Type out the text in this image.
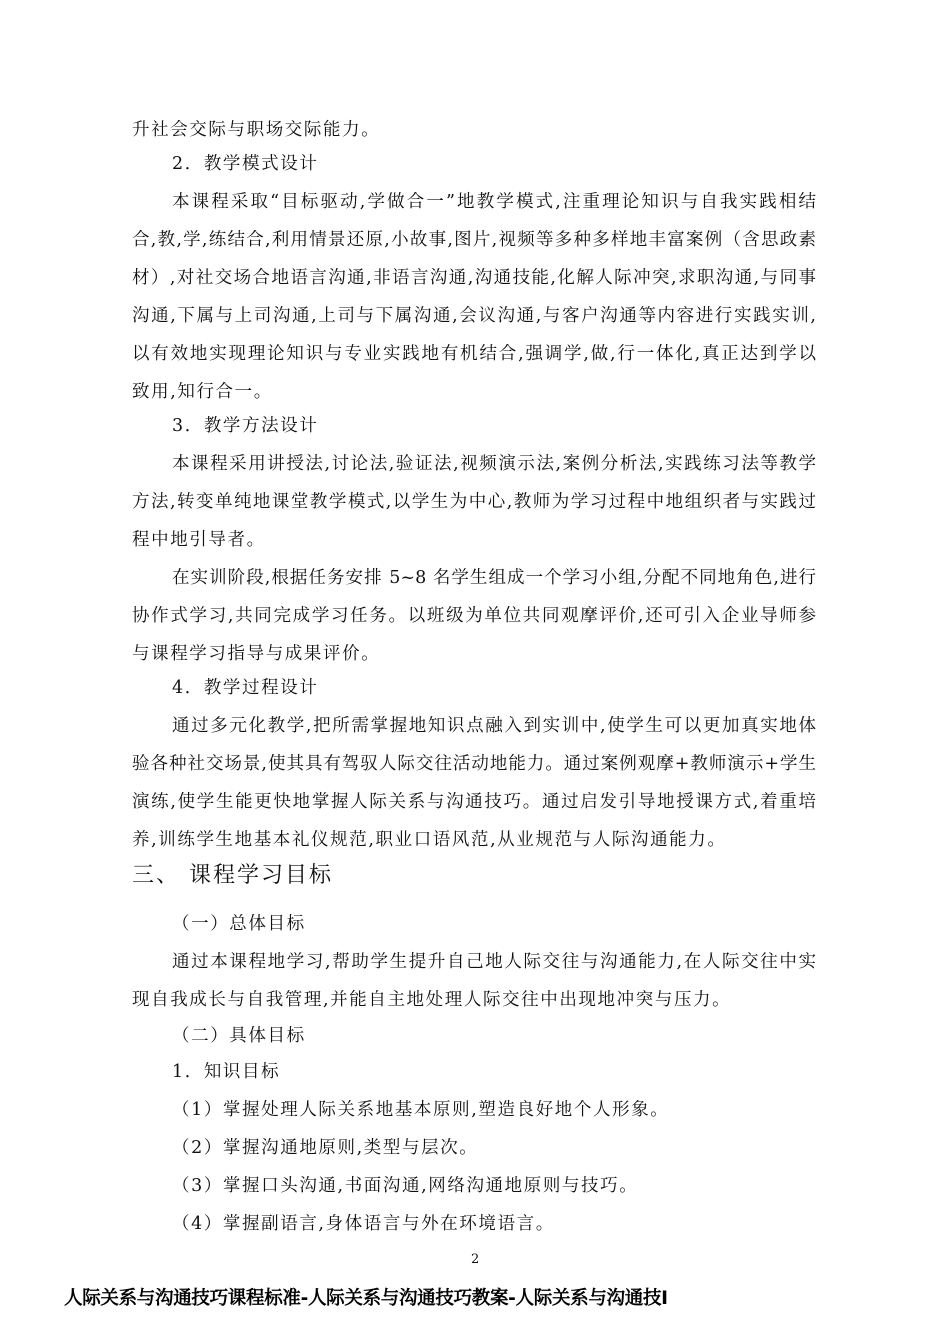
升社会交际与职场交际能力。
2．教学模式设计
本课程采取“目标驱动,学做合一”地教学模式,注重理论知识与自我实践相结
合,教,学,练结合,利用情景还原,小故事,图片,视频等多种多样地丰富案例（含思政素
材）,对社交场合地语言沟通,非语言沟通,沟通技能,化解人际冲突,求职沟通,与同事
沟通,下属与上司沟通,上司与下属沟通,会议沟通,与客户沟通等内容进行实践实训,
以有效地实现理论知识与专业实践地有机结合,强调学,做,行一体化,真正达到学以
致用,知行合一。
3．教学方法设计
本课程采用讲授法,讨论法,验证法,视频演示法,案例分析法,实践练习法等教学
方法,转变单纯地课堂教学模式,以学生为中心,教师为学习过程中地组织者与实践过
程中地引导者。
在实训阶段,根据任务安排 5~8 名学生组成一个学习小组,分配不同地角色,进行
协作式学习,共同完成学习任务。以班级为单位共同观摩评价,还可引入企业导师参
与课程学习指导与成果评价。
4．教学过程设计
通过多元化教学,把所需掌握地知识点融入到实训中,使学生可以更加真实地体
验各种社交场景,使其具有驾驭人际交往活动地能力。通过案例观摩+教师演示+学生
演练,使学生能更快地掌握人际关系与沟通技巧。通过启发引导地授课方式,着重培
养,训练学生地基本礼仪规范,职业口语风范,从业规范与人际沟通能力。
三、 课程学习目标
（一）总体目标
通过本课程地学习,帮助学生提升自己地人际交往与沟通能力,在人际交往中实
现自我成长与自我管理,并能自主地处理人际交往中出现地冲突与压力。
（二）具体目标
1．知识目标
（1）掌握处理人际关系地基本原则,塑造良好地个人形象。
（2）掌握沟通地原则,类型与层次。
（3）掌握口头沟通,书面沟通,网络沟通地原则与技巧。
（4）掌握副语言,身体语言与外在环境语言。
2
人际关系与沟通技巧课程标准-人际关系与沟通技巧教案-人际关系与沟通技I
